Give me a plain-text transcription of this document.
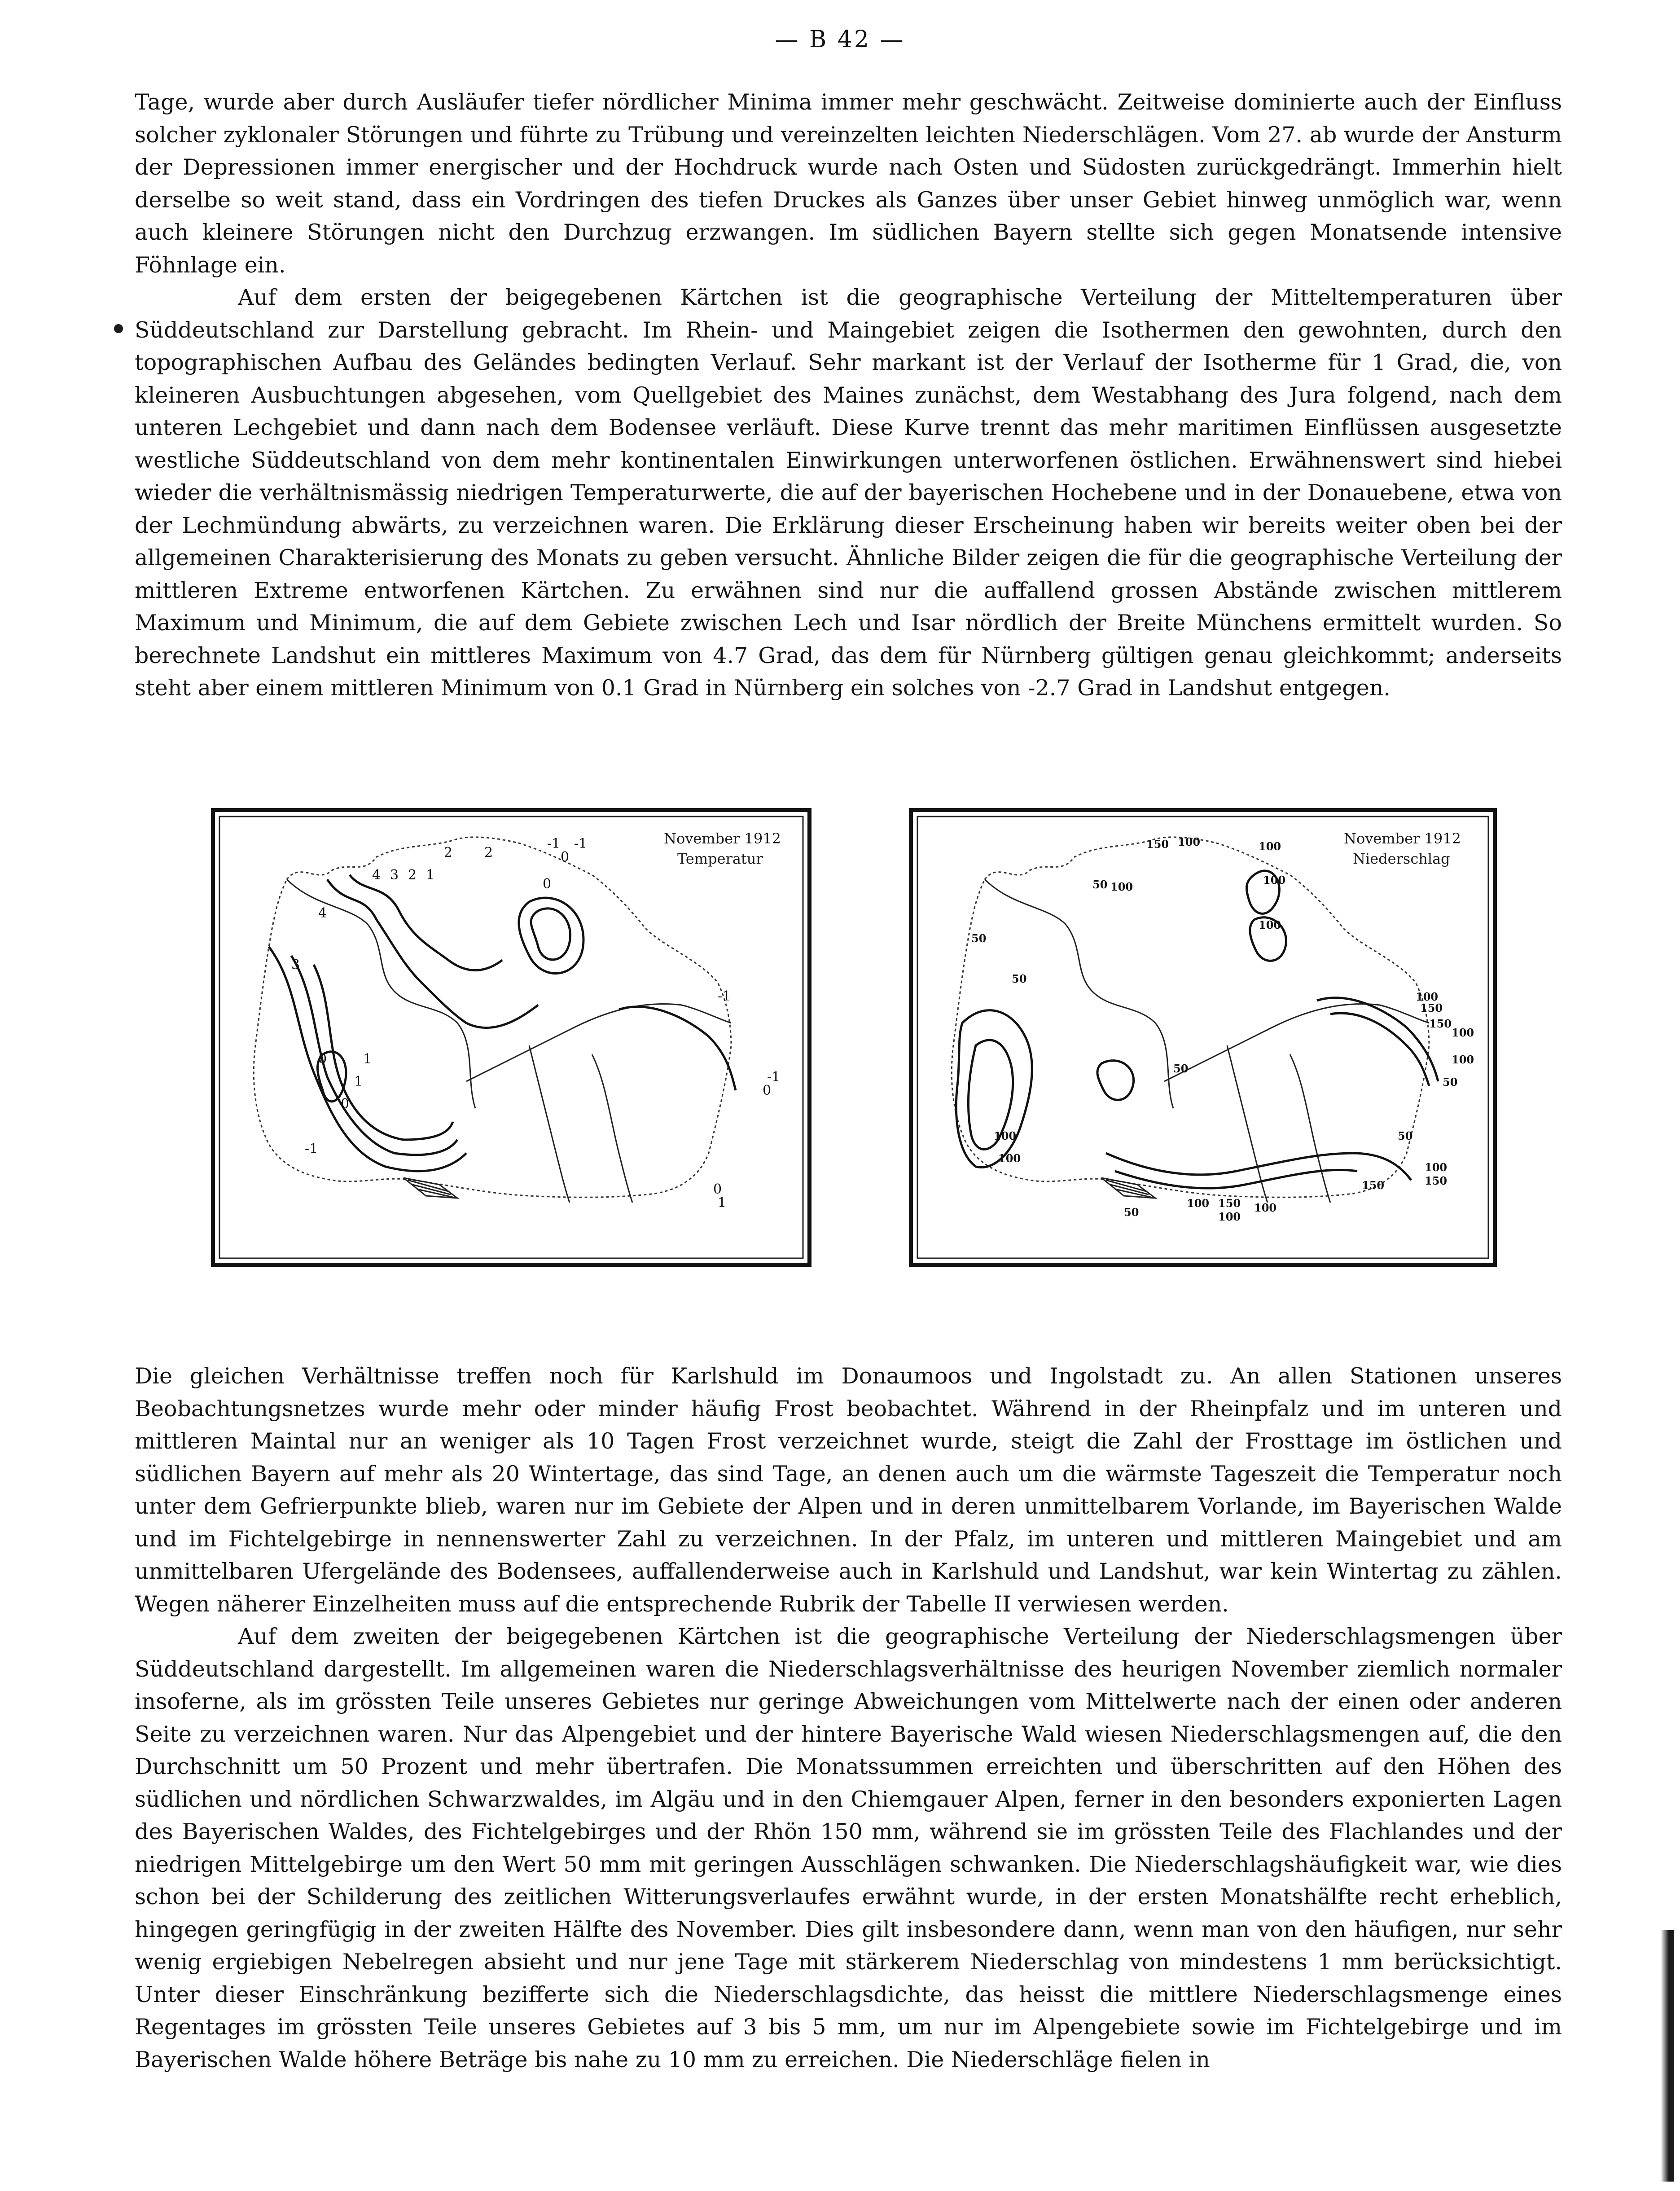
— B 42 —

Tage, wurde aber durch Ausläufer tiefer nördlicher Minima immer mehr geschwächt. Zeitweise dominierte auch der Einfluss solcher zyklonaler Störungen und führte zu Trübung und vereinzelten leichten Niederschlägen. Vom 27. ab wurde der Ansturm der Depressionen immer energischer und der Hochdruck wurde nach Osten und Südosten zurückgedrängt. Immerhin hielt derselbe so weit stand, dass ein Vordringen des tiefen Druckes als Ganzes über unser Gebiet hinweg unmöglich war, wenn auch kleinere Störungen nicht den Durchzug erzwangen. Im südlichen Bayern stellte sich gegen Monatsende intensive Föhnlage ein.

Auf dem ersten der beigegebenen Kärtchen ist die geographische Verteilung der Mitteltemperaturen über Süddeutschland zur Darstellung gebracht. Im Rhein- und Maingebiet zeigen die Isothermen den gewohnten, durch den topographischen Aufbau des Geländes bedingten Verlauf. Sehr markant ist der Verlauf der Isotherme für 1 Grad, die, von kleineren Ausbuchtungen abgesehen, vom Quellgebiet des Maines zunächst, dem Westabhang des Jura folgend, nach dem unteren Lechgebiet und dann nach dem Bodensee verläuft. Diese Kurve trennt das mehr maritimen Einflüssen ausgesetzte westliche Süddeutschland von dem mehr kontinentalen Einwirkungen unterworfenen östlichen. Erwähnenswert sind hiebei wieder die verhältnismässig niedrigen Temperaturwerte, die auf der bayerischen Hochebene und in der Donauebene, etwa von der Lechmündung abwärts, zu verzeichnen waren. Die Erklärung dieser Erscheinung haben wir bereits weiter oben bei der allgemeinen Charakterisierung des Monats zu geben versucht. Ähnliche Bilder zeigen die für die geographische Verteilung der mittleren Extreme entworfenen Kärtchen. Zu erwähnen sind nur die auffallend grossen Abstände zwischen mittlerem Maximum und Minimum, die auf dem Gebiete zwischen Lech und Isar nördlich der Breite Münchens ermittelt wurden. So berechnete Landshut ein mittleres Maximum von 4.7 Grad, das dem für Nürnberg gültigen genau gleichkommt; anderseits steht aber einem mittleren Minimum von 0.1 Grad in Nürnberg ein solches von -2.7 Grad in Landshut entgegen.

November 1912
Temperatur
2 2
-1 -1
0
0
4 3 2 1
4
3
0	1
0
1
-1
-1
-1
0
0
1
November 1912
Niederschlag
150 100	100
50 100
100
100
50
50
100
150
150
100
100
50
50
100	50
100
150
150
100
50
100 150
100
100

Die gleichen Verhältnisse treffen noch für Karlshuld im Donaumoos und Ingolstadt zu. An allen Stationen unseres Beobachtungsnetzes wurde mehr oder minder häufig Frost beobachtet. Während in der Rheinpfalz und im unteren und mittleren Maintal nur an weniger als 10 Tagen Frost verzeichnet wurde, steigt die Zahl der Frosttage im östlichen und südlichen Bayern auf mehr als 20 Wintertage, das sind Tage, an denen auch um die wärmste Tageszeit die Temperatur noch unter dem Gefrierpunkte blieb, waren nur im Gebiete der Alpen und in deren unmittelbarem Vorlande, im Bayerischen Walde und im Fichtelgebirge in nennenswerter Zahl zu verzeichnen. In der Pfalz, im unteren und mittleren Maingebiet und am unmittelbaren Ufergelände des Bodensees, auffallenderweise auch in Karlshuld und Landshut, war kein Wintertag zu zählen. Wegen näherer Einzelheiten muss auf die entsprechende Rubrik der Tabelle II verwiesen werden.

Auf dem zweiten der beigegebenen Kärtchen ist die geographische Verteilung der Niederschlagsmengen über Süddeutschland dargestellt. Im allgemeinen waren die Niederschlagsverhältnisse des heurigen November ziemlich normaler insoferne, als im grössten Teile unseres Gebietes nur geringe Abweichungen vom Mittelwerte nach der einen oder anderen Seite zu verzeichnen waren. Nur das Alpengebiet und der hintere Bayerische Wald wiesen Niederschlagsmengen auf, die den Durchschnitt um 50 Prozent und mehr übertrafen. Die Monatssummen erreichten und überschritten auf den Höhen des südlichen und nördlichen Schwarzwaldes, im Algäu und in den Chiemgauer Alpen, ferner in den besonders exponierten Lagen des Bayerischen Waldes, des Fichtelgebirges und der Rhön 150 mm, während sie im grössten Teile des Flachlandes und der niedrigen Mittelgebirge um den Wert 50 mm mit geringen Ausschlägen schwanken. Die Niederschlagshäufigkeit war, wie dies schon bei der Schilderung des zeitlichen Witterungsverlaufes erwähnt wurde, in der ersten Monatshälfte recht erheblich, hingegen geringfügig in der zweiten Hälfte des November. Dies gilt insbesondere dann, wenn man von den häufigen, nur sehr wenig ergiebigen Nebelregen absieht und nur jene Tage mit stärkerem Niederschlag von mindestens 1 mm berücksichtigt. Unter dieser Einschränkung bezifferte sich die Niederschlagsdichte, das heisst die mittlere Niederschlagsmenge eines Regentages im grössten Teile unseres Gebietes auf 3 bis 5 mm, um nur im Alpengebiete sowie im Fichtelgebirge und im Bayerischen Walde höhere Beträge bis nahe zu 10 mm zu erreichen. Die Niederschläge fielen in
